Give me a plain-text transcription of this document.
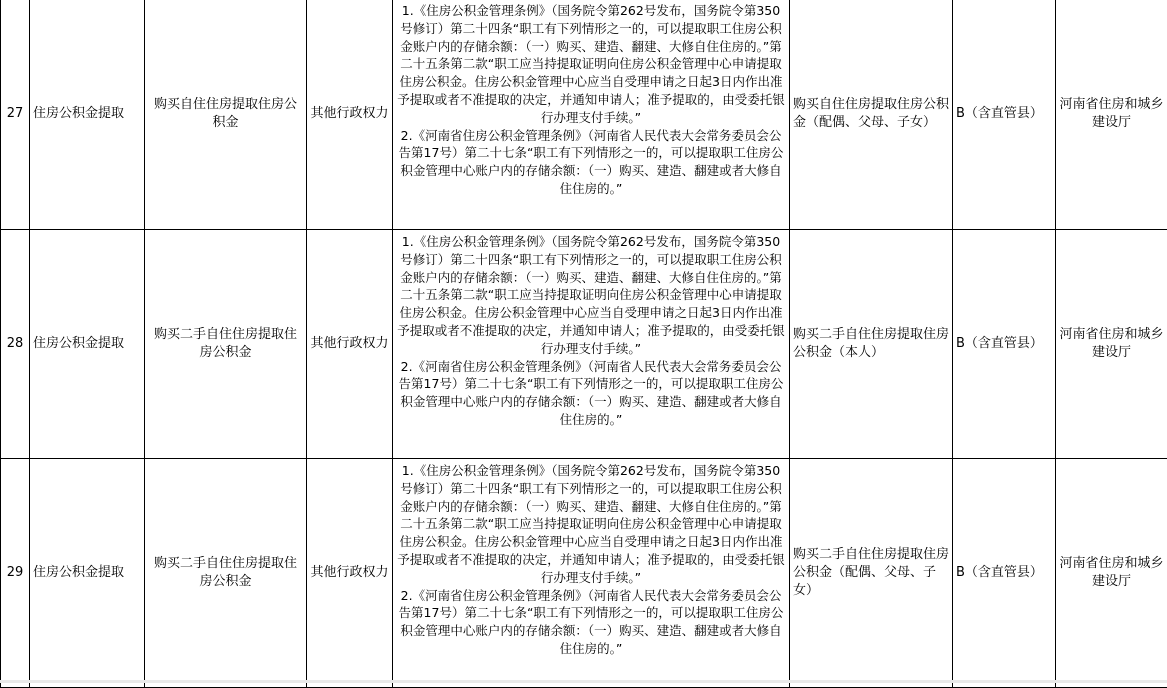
27	住房公积金提取	购买自住住房提取住房公积金	其他行政权力	1.《住房公积金管理条例》（国务院令第262号发布，国务院令第350号修订）第二十四条“职工有下列情形之一的，可以提取职工住房公积金账户内的存储余额：（一）购买、建造、翻建、大修自住住房的。”第二十五条第二款“职工应当持提取证明向住房公积金管理中心申请提取住房公积金。住房公积金管理中心应当自受理申请之日起3日内作出准予提取或者不准提取的决定，并通知申请人；准予提取的，由受委托银行办理支付手续。”
2.《河南省住房公积金管理条例》（河南省人民代表大会常务委员会公告第17号）第二十七条“职工有下列情形之一的，可以提取职工住房公积金管理中心账户内的存储余额：（一）购买、建造、翻建或者大修自住住房的。”	购买自住住房提取住房公积金（配偶、父母、子女）	B（含直管县）	河南省住房和城乡建设厅
28	住房公积金提取	购买二手自住住房提取住房公积金	其他行政权力	1.《住房公积金管理条例》（国务院令第262号发布，国务院令第350号修订）第二十四条“职工有下列情形之一的，可以提取职工住房公积金账户内的存储余额：（一）购买、建造、翻建、大修自住住房的。”第二十五条第二款“职工应当持提取证明向住房公积金管理中心申请提取住房公积金。住房公积金管理中心应当自受理申请之日起3日内作出准予提取或者不准提取的决定，并通知申请人；准予提取的，由受委托银行办理支付手续。”
2.《河南省住房公积金管理条例》（河南省人民代表大会常务委员会公告第17号）第二十七条“职工有下列情形之一的，可以提取职工住房公积金管理中心账户内的存储余额：（一）购买、建造、翻建或者大修自住住房的。”	购买二手自住住房提取住房公积金（本人）	B（含直管县）	河南省住房和城乡建设厅
29	住房公积金提取	购买二手自住住房提取住房公积金	其他行政权力	1.《住房公积金管理条例》（国务院令第262号发布，国务院令第350号修订）第二十四条“职工有下列情形之一的，可以提取职工住房公积金账户内的存储余额：（一）购买、建造、翻建、大修自住住房的。”第二十五条第二款“职工应当持提取证明向住房公积金管理中心申请提取住房公积金。住房公积金管理中心应当自受理申请之日起3日内作出准予提取或者不准提取的决定，并通知申请人；准予提取的，由受委托银行办理支付手续。”
2.《河南省住房公积金管理条例》（河南省人民代表大会常务委员会公告第17号）第二十七条“职工有下列情形之一的，可以提取职工住房公积金管理中心账户内的存储余额：（一）购买、建造、翻建或者大修自住住房的。”	购买二手自住住房提取住房公积金（配偶、父母、子女）	B（含直管县）	河南省住房和城乡建设厅
